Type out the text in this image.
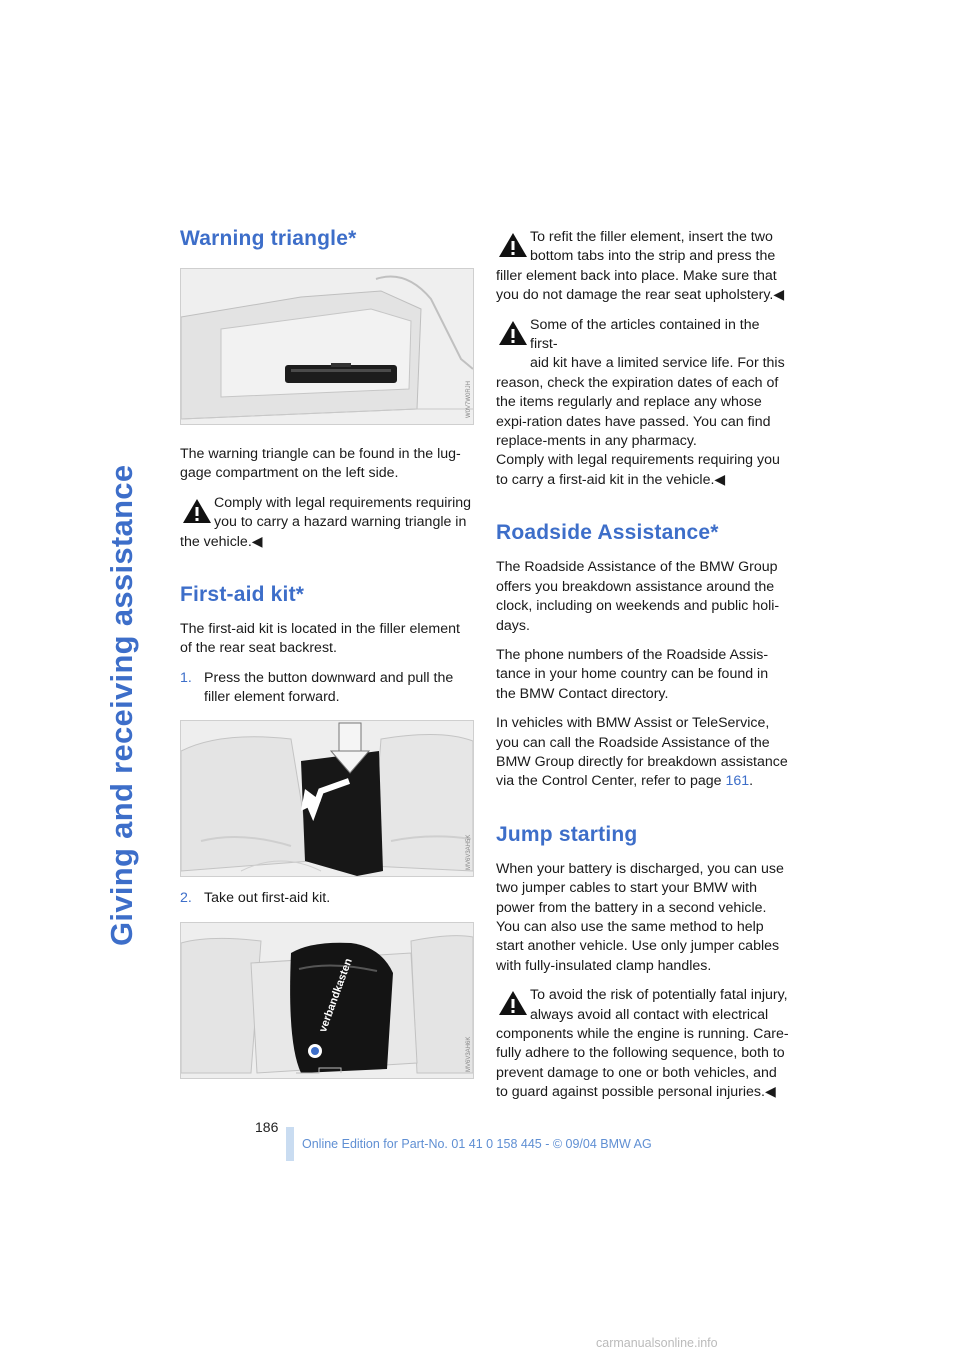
Giving and receiving assistance
Warning triangle*
W0V7W0RJH

The warning triangle can be found in the lug-gage compartment on the left side.

Comply with legal requirements requiring
you to carry a hazard warning triangle in
the vehicle.◀
First-aid kit*

The first-aid kit is located in the filler element of the rear seat backrest.

1. Press the button downward and pull the filler element forward.
MV6V3AH5K
2. Take out first-aid kit.
verbandkasten
MV6V3AH6K
To refit the filler element, insert the two
bottom tabs into the strip and press the
filler element back into place. Make sure that you do not damage the rear seat upholstery.◀
Some of the articles contained in the first-
aid kit have a limited service life. For this
reason, check the expiration dates of each of the items regularly and replace any whose expi-ration dates have passed. You can find replace-ments in any pharmacy.

Comply with legal requirements requiring you to carry a first-aid kit in the vehicle.◀

Roadside Assistance*

The Roadside Assistance of the BMW Group offers you breakdown assistance around the clock, including on weekends and public holi-days.

The phone numbers of the Roadside Assis-tance in your home country can be found in the BMW Contact directory.

In vehicles with BMW Assist or TeleService, you can call the Roadside Assistance of the BMW Group directly for breakdown assistance via the Control Center, refer to page 161.

Jump starting

When your battery is discharged, you can use two jumper cables to start your BMW with power from the battery in a second vehicle. You can also use the same method to help start another vehicle. Use only jumper cables with fully-insulated clamp handles.

To avoid the risk of potentially fatal injury,
always avoid all contact with electrical
components while the engine is running. Care-fully adhere to the following sequence, both to prevent damage to one or both vehicles, and to guard against possible personal injuries.◀
186
Online Edition for Part-No. 01 41 0 158 445 - © 09/04 BMW AG
carmanualsonline.info
